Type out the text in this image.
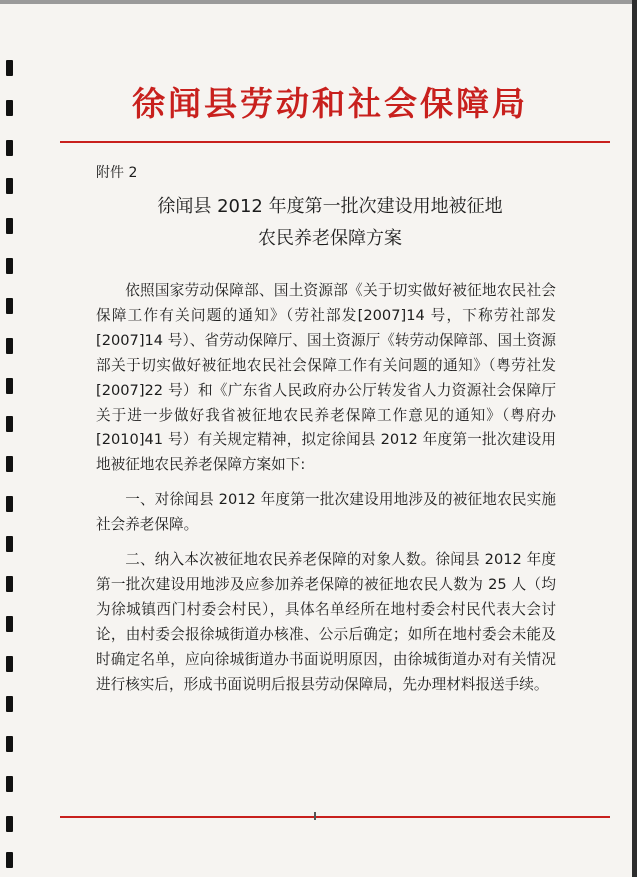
徐闻县劳动和社会保障局
附件 2
徐闻县 2012 年度第一批次建设用地被征地
农民养老保障方案

依照国家劳动保障部、国土资源部《关于切实做好被征地农民社会保障工作有关问题的通知》（劳社部发[2007]14 号，下称劳社部发[2007]14 号）、省劳动保障厅、国土资源厅《转劳动保障部、国土资源部关于切实做好被征地农民社会保障工作有关问题的通知》（粤劳社发[2007]22 号）和《广东省人民政府办公厅转发省人力资源社会保障厅关于进一步做好我省被征地农民养老保障工作意见的通知》（粤府办[2010]41 号）有关规定精神，拟定徐闻县 2012 年度第一批次建设用地被征地农民养老保障方案如下:

一、对徐闻县 2012 年度第一批次建设用地涉及的被征地农民实施社会养老保障。

二、纳入本次被征地农民养老保障的对象人数。徐闻县 2012 年度第一批次建设用地涉及应参加养老保障的被征地农民人数为 25 人（均为徐城镇西门村委会村民），具体名单经所在地村委会村民代表大会讨论，由村委会报徐城街道办核准、公示后确定；如所在地村委会未能及时确定名单，应向徐城街道办书面说明原因，由徐城街道办对有关情况进行核实后，形成书面说明后报县劳动保障局，先办理材料报送手续。
